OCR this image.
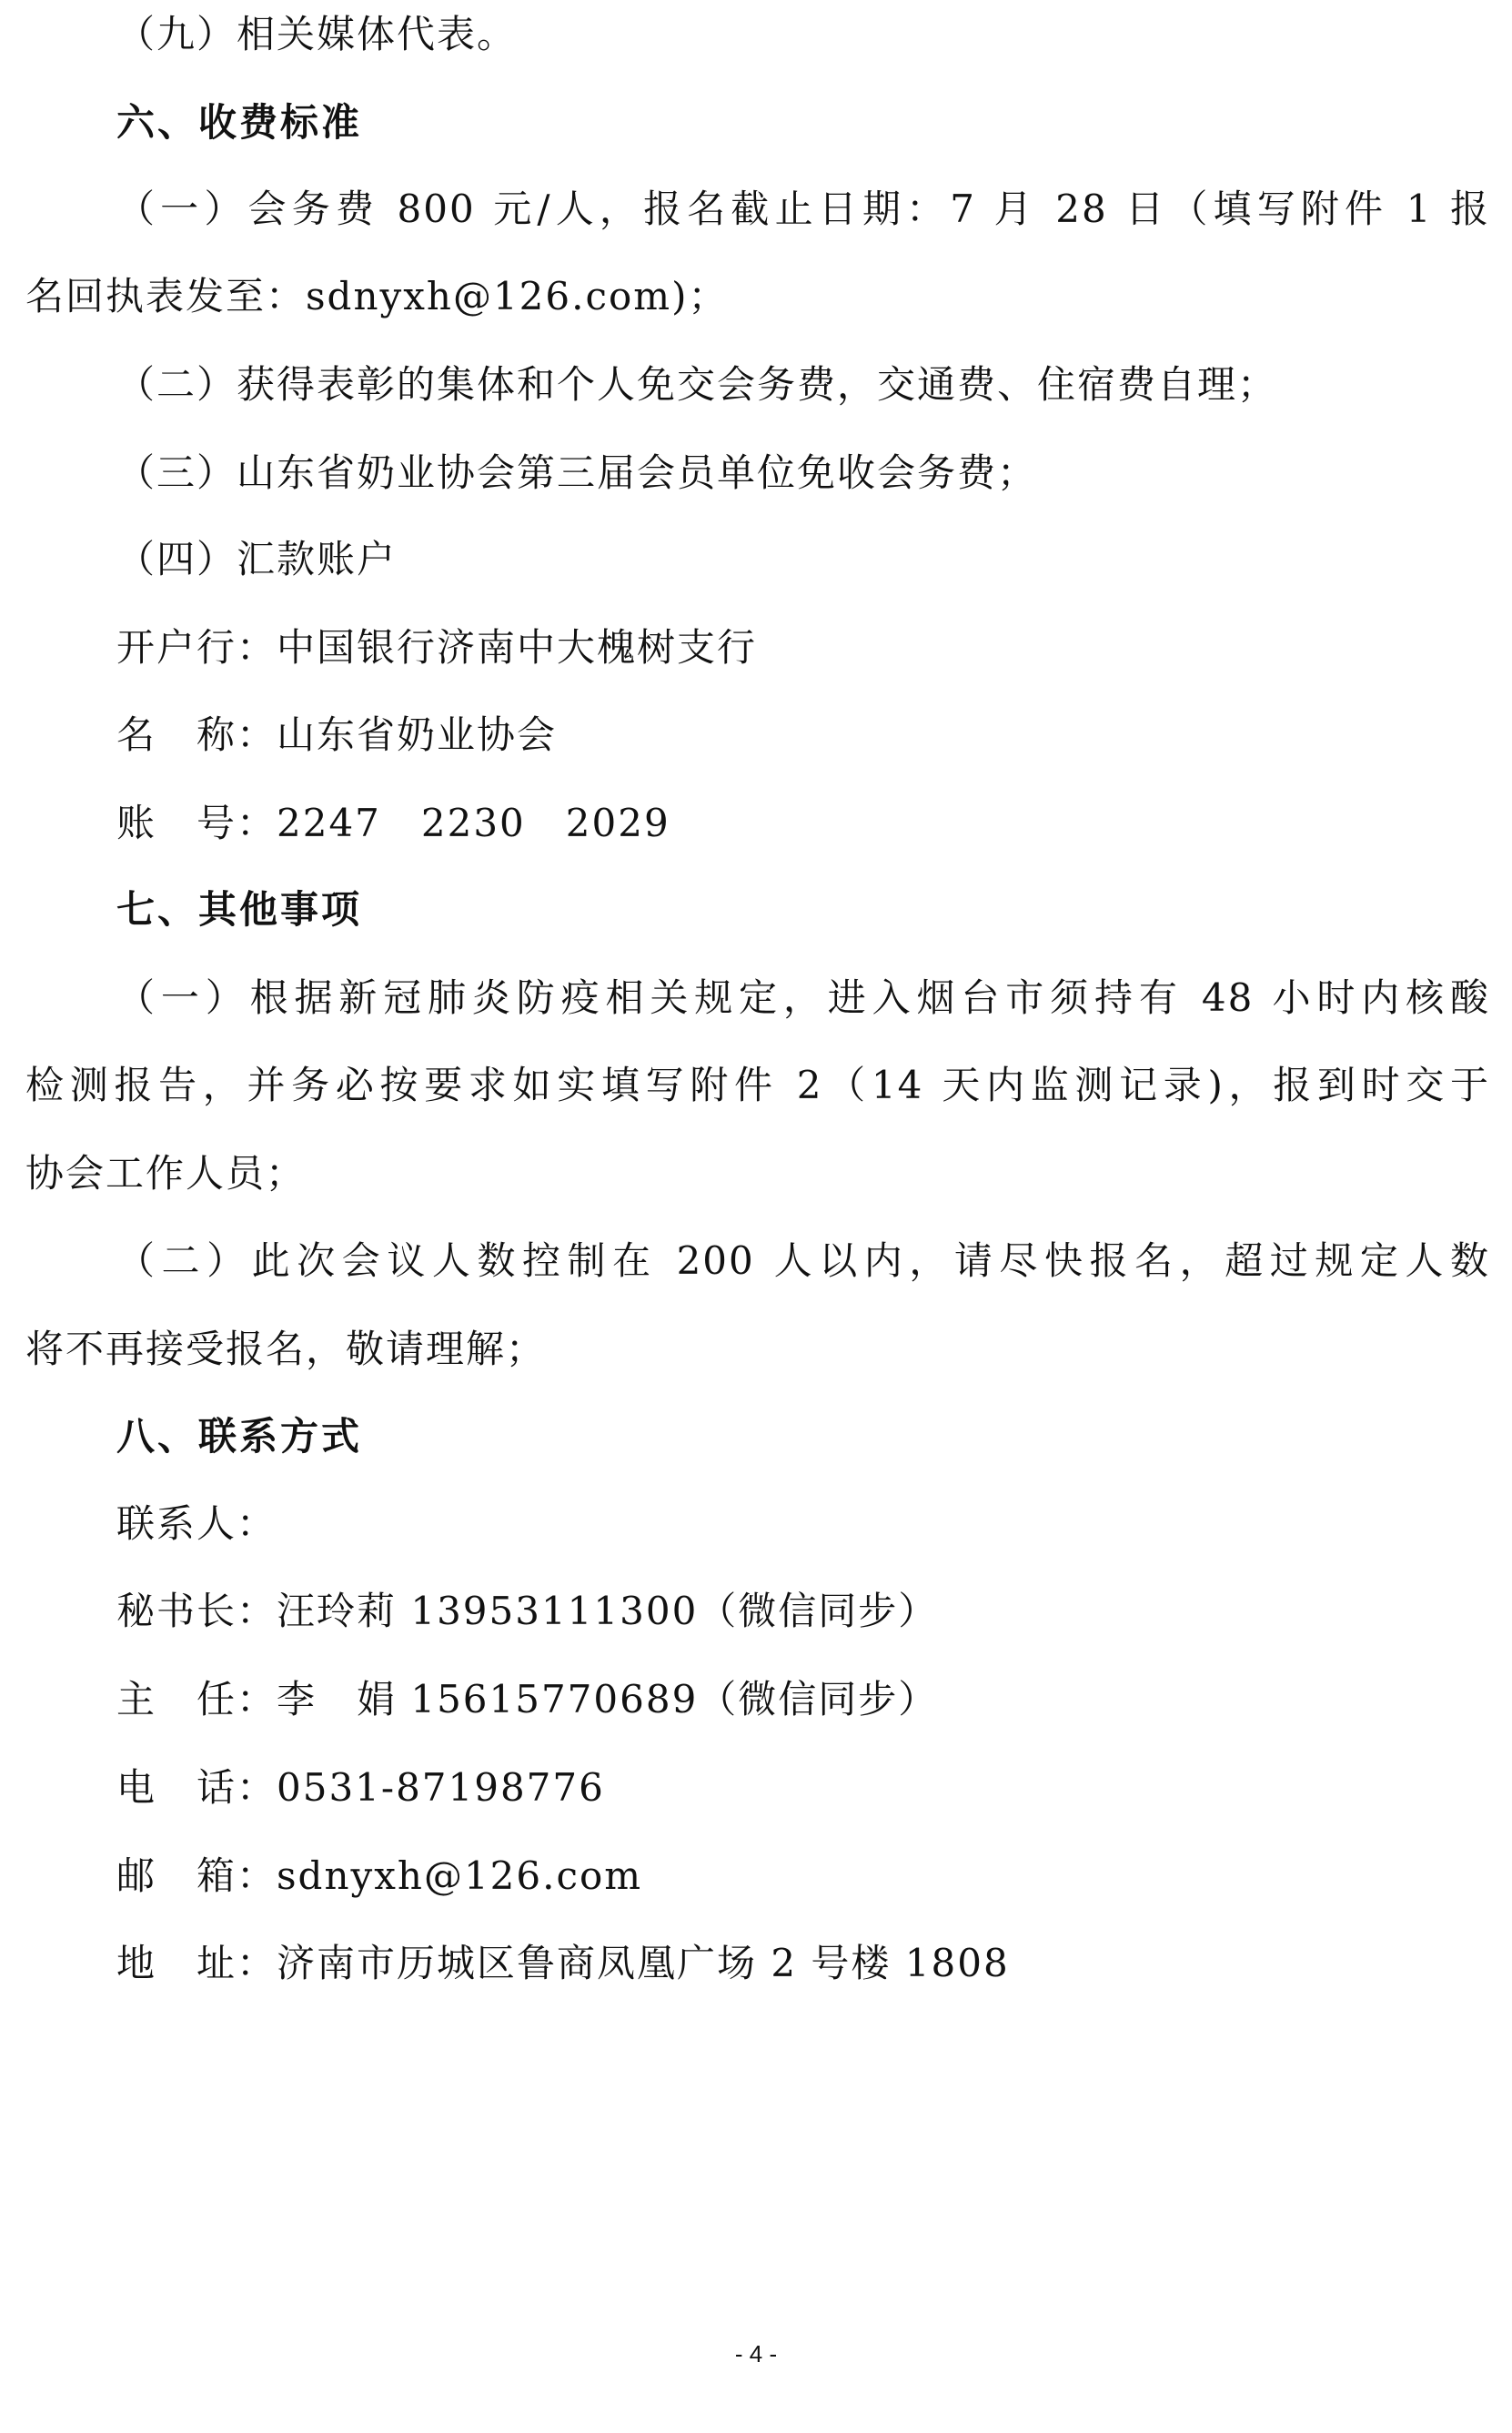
（九）相关媒体代表。
六、收费标准
（一）会务费 800 元/人，报名截止日期：7 月 28 日（填写附件 1 报
名回执表发至：sdnyxh@126.com)；
（二）获得表彰的集体和个人免交会务费，交通费、住宿费自理；
（三）山东省奶业协会第三届会员单位免收会务费；
（四）汇款账户
开户行：中国银行济南中大槐树支行
名　称：山东省奶业协会
账　号：2247　2230　2029
七、其他事项
（一）根据新冠肺炎防疫相关规定，进入烟台市须持有 48 小时内核酸
检测报告，并务必按要求如实填写附件 2（14 天内监测记录)，报到时交于
协会工作人员；
（二）此次会议人数控制在 200 人以内，请尽快报名，超过规定人数
将不再接受报名，敬请理解；
八、联系方式
联系人：
秘书长：汪玲莉 13953111300（微信同步）
主　任：李　娟 15615770689（微信同步）
电　话：0531-87198776
邮　箱：sdnyxh@126.com
地　址：济南市历城区鲁商凤凰广场 2 号楼 1808
- 4 -
